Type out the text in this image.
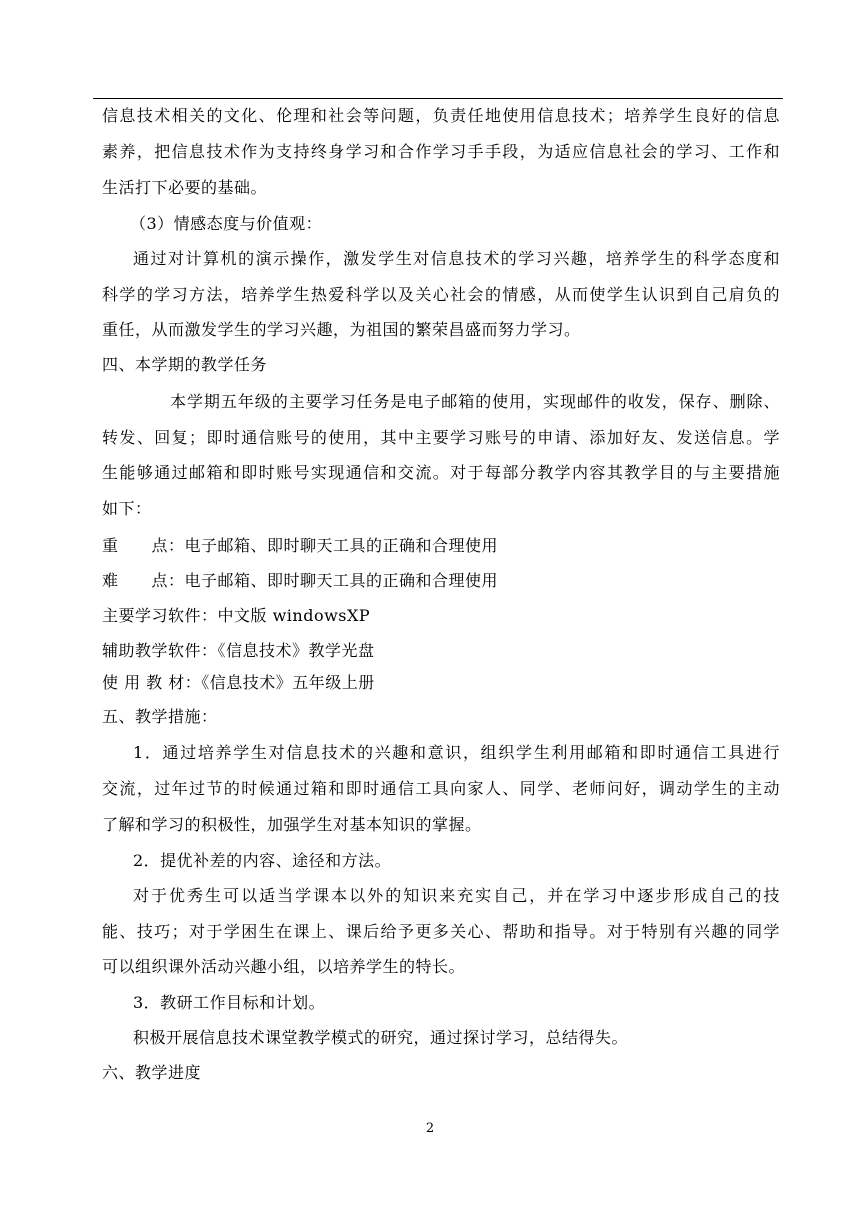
信息技术相关的文化、伦理和社会等问题，负责任地使用信息技术；培养学生良好的信息
素养，把信息技术作为支持终身学习和合作学习手手段，为适应信息社会的学习、工作和
生活打下必要的基础。
（3）情感态度与价值观：
通过对计算机的演示操作，激发学生对信息技术的学习兴趣，培养学生的科学态度和
科学的学习方法，培养学生热爱科学以及关心社会的情感，从而使学生认识到自己肩负的
重任，从而激发学生的学习兴趣，为祖国的繁荣昌盛而努力学习。
四、本学期的教学任务
本学期五年级的主要学习任务是电子邮箱的使用，实现邮件的收发，保存、删除、
转发、回复；即时通信账号的使用，其中主要学习账号的申请、添加好友、发送信息。学
生能够通过邮箱和即时账号实现通信和交流。对于每部分教学内容其教学目的与主要措施
如下：
重　　点：电子邮箱、即时聊天工具的正确和合理使用
难　　点：电子邮箱、即时聊天工具的正确和合理使用
主要学习软件：中文版 windowsXP
辅助教学软件：《信息技术》教学光盘
使 用 教 材：《信息技术》五年级上册
五、教学措施：
1．通过培养学生对信息技术的兴趣和意识，组织学生利用邮箱和即时通信工具进行
交流，过年过节的时候通过箱和即时通信工具向家人、同学、老师问好，调动学生的主动
了解和学习的积极性，加强学生对基本知识的掌握。
2．提优补差的内容、途径和方法。
对于优秀生可以适当学课本以外的知识来充实自己，并在学习中逐步形成自己的技
能、技巧；对于学困生在课上、课后给予更多关心、帮助和指导。对于特别有兴趣的同学
可以组织课外活动兴趣小组，以培养学生的特长。
3．教研工作目标和计划。
积极开展信息技术课堂教学模式的研究，通过探讨学习，总结得失。
六、教学进度
2
